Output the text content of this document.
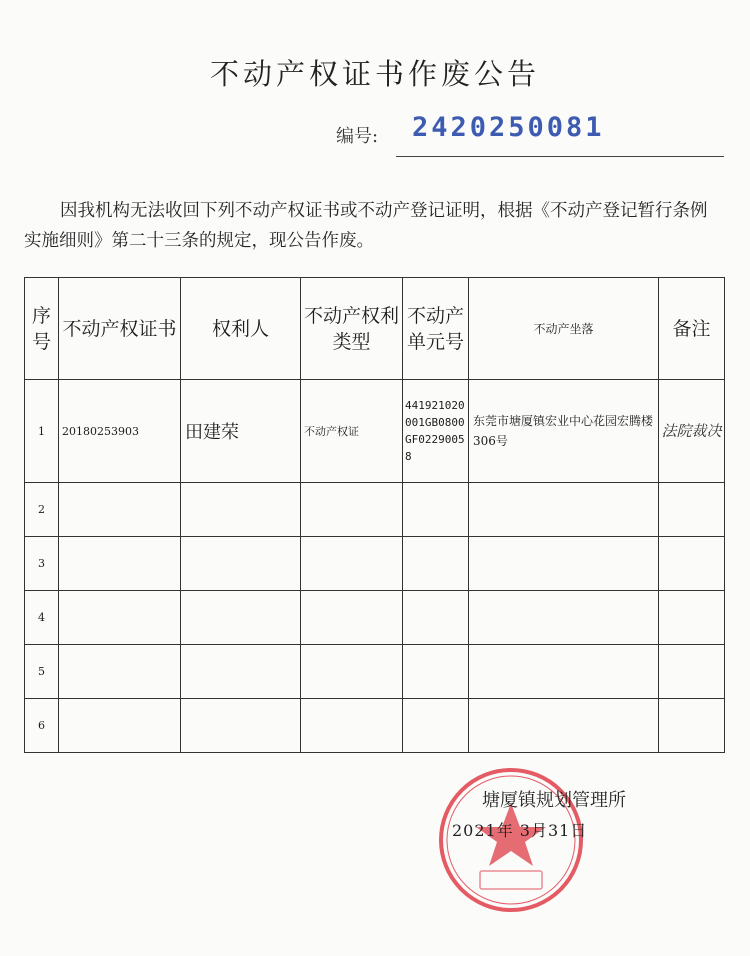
不动产权证书作废公告
编号: 2420250081
因我机构无法收回下列不动产权证书或不动产登记证明，根据《不动产登记暂行条例实施细则》第二十三条的规定，现公告作废。
序号	不动产权证书	权利人	不动产权利类型	不动产单元号	不动产坐落	备注
1	20180253903	田建荣	不动产权证	441921020001GB0800GF02290058	东莞市塘厦镇宏业中心花园宏腾楼306号	法院裁决
2						
3						
4						
5						
6						
塘厦镇规划管理所
2021年 3月31日
